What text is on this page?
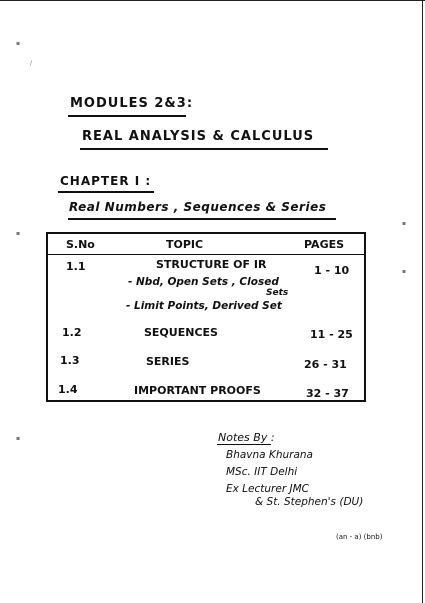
▪
/
▪
▪
▪
▪
MODULES 2&3:
REAL ANALYSIS & CALCULUS
CHAPTER I :
Real Numbers , Sequences & Series
S.No	TOPIC	PAGES
1.1	STRUCTURE OF IR	1 - 10
- Nbd, Open Sets , Closed
Sets
- Limit Points, Derived Set
1.2	SEQUENCES	11 - 25
1.3	SERIES	26 - 31
1.4	IMPORTANT PROOFS	32 - 37
Notes By :
Bhavna Khurana
MSc. IIT Delhi
Ex Lecturer JMC
& St. Stephen's (DU)
(an - a) (bnb)
